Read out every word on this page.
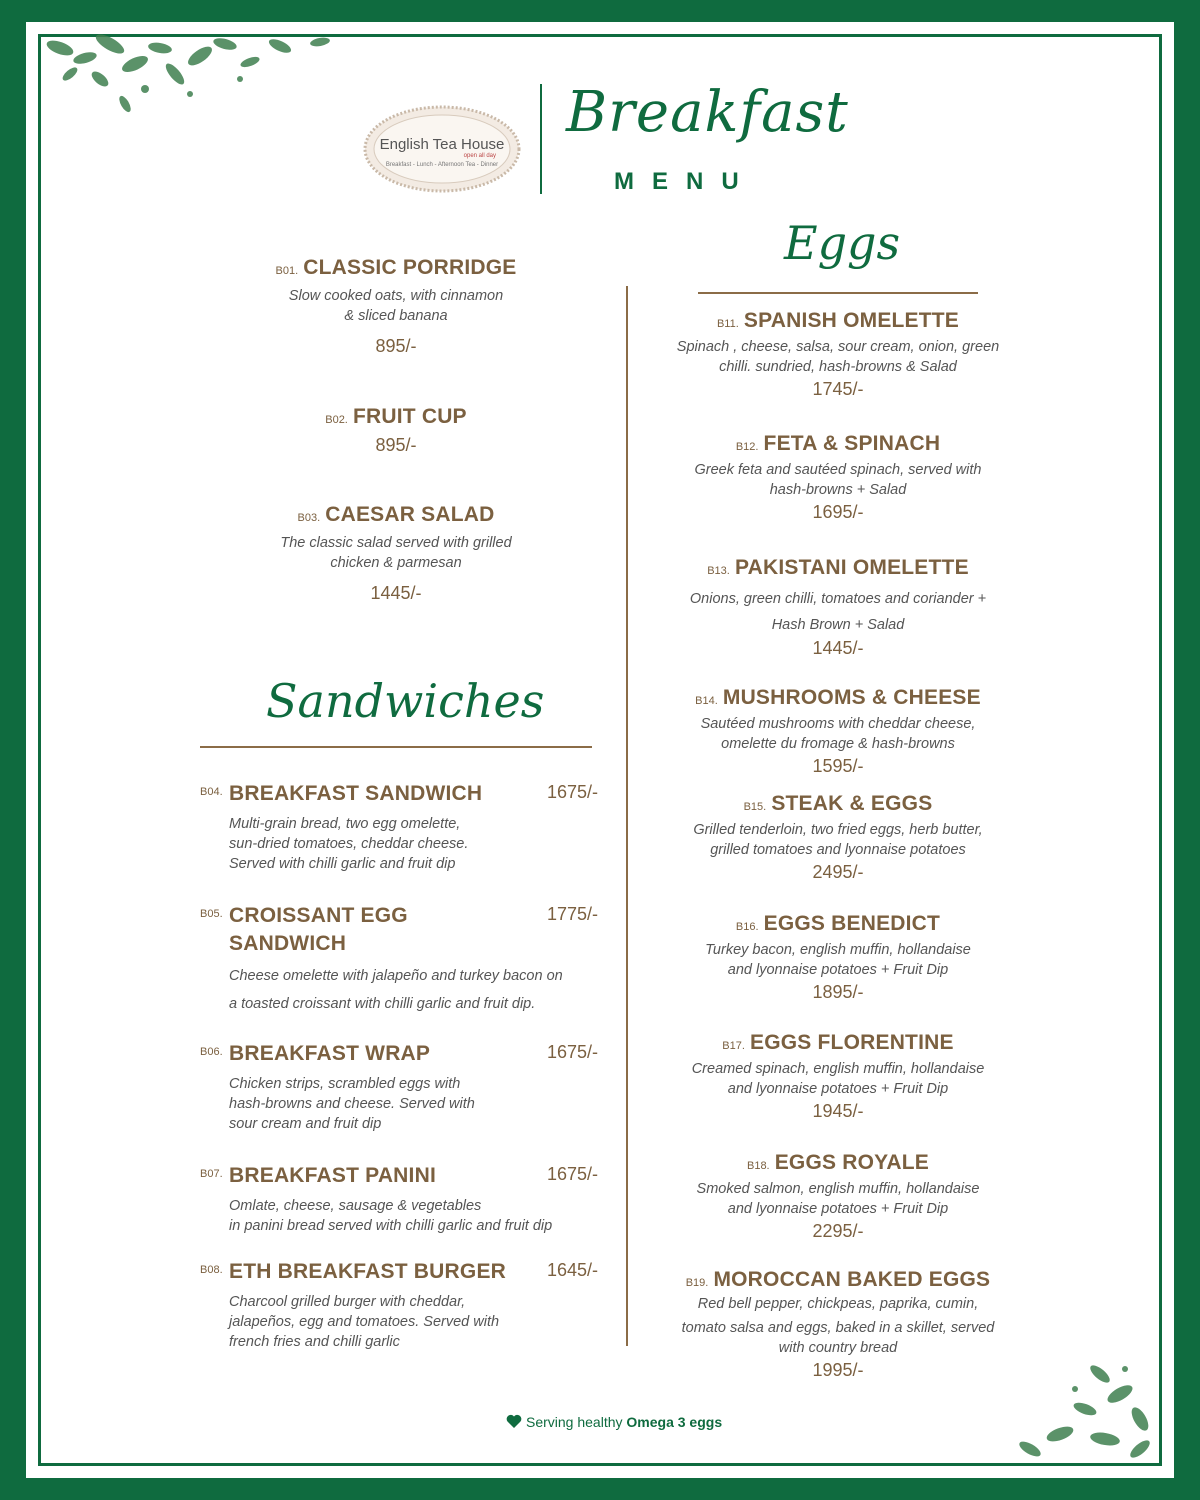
English Tea House
open all day
Breakfast - Lunch - Afternoon Tea - Dinner
Breakfast
MENU
B01. CLASSIC PORRIDGE
Slow cooked oats, with cinnamon
& sliced banana
895/-
B02. FRUIT CUP
895/-
B03. CAESAR SALAD
The classic salad served with grilled
chicken & parmesan
1445/-
Sandwiches
B04. BREAKFAST SANDWICH	1675/-
Multi-grain bread, two egg omelette,
sun-dried tomatoes, cheddar cheese.
Served with chilli garlic and fruit dip
B05. CROISSANT EGG
SANDWICH
1775/-
Cheese omelette with jalapeño and turkey bacon on
a toasted croissant with chilli garlic and fruit dip.
B06. BREAKFAST WRAP	1675/-
Chicken strips, scrambled eggs with
hash-browns and cheese. Served with
sour cream and fruit dip
B07. BREAKFAST PANINI	1675/-
Omlate, cheese, sausage & vegetables
in panini bread served with chilli garlic and fruit dip
B08. ETH BREAKFAST BURGER	1645/-
Charcool grilled burger with cheddar,
jalapeños, egg and tomatoes. Served with
french fries and chilli garlic
Eggs
B11. SPANISH OMELETTE
Spinach , cheese, salsa, sour cream, onion, green
chilli. sundried, hash-browns & Salad
1745/-
B12. FETA & SPINACH
Greek feta and sautéed spinach, served with
hash-browns + Salad
1695/-
B13. PAKISTANI OMELETTE
Onions, green chilli, tomatoes and coriander +
Hash Brown + Salad
1445/-
B14. MUSHROOMS & CHEESE
Sautéed mushrooms with cheddar cheese,
omelette du fromage & hash-browns
1595/-
B15. STEAK & EGGS
Grilled tenderloin, two fried eggs, herb butter,
grilled tomatoes and lyonnaise potatoes
2495/-
B16. EGGS BENEDICT
Turkey bacon, english muffin, hollandaise
and lyonnaise potatoes + Fruit Dip
1895/-
B17. EGGS FLORENTINE
Creamed spinach, english muffin, hollandaise
and lyonnaise potatoes + Fruit Dip
1945/-
B18. EGGS ROYALE
Smoked salmon, english muffin, hollandaise
and lyonnaise potatoes + Fruit Dip
2295/-
B19. MOROCCAN BAKED EGGS
Red bell pepper, chickpeas, paprika, cumin,
tomato salsa and eggs, baked in a skillet, served
with country bread
1995/-
Serving healthy Omega 3 eggs
